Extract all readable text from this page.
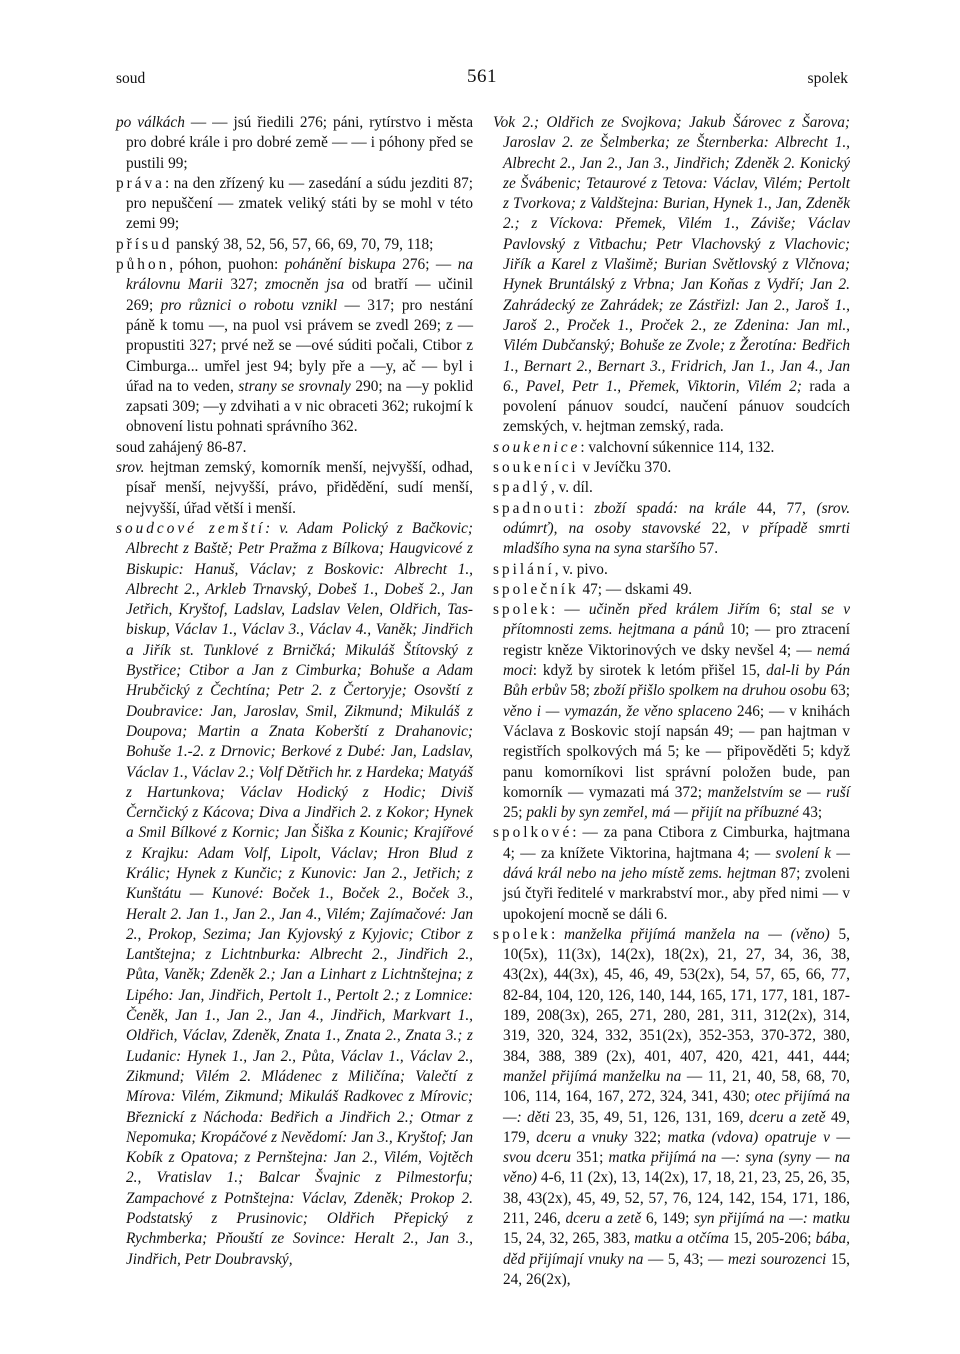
soud	561	spolek

po válkách — — jsú řiedili 276; páni, rytírstvo i města pro dobré krále i pro dobré země — — i póhony před se pustili 99;

práva: na den zřízený ku — zasedání a súdu jezditi 87; pro nepuščení — zmatek veliký státi by se mohl v této zemi 99;

přísud panský 38, 52, 56, 57, 66, 69, 70, 79, 118;

půhon, póhon, puohon: pohánění biskupa 276; — na královnu Marii 327; zmocněn jsa od bratří — učinil 269; pro různici o robotu vznikl — 317; pro nestání páně k tomu —, na puol vsi právem se zvedl 269; z — propustiti 327; prvé než se —ové súditi počali, Ctibor z Cimburga... umřel jest 94; byly pře a —y, ač — byl i úřad na to veden, strany se srovnaly 290; na —y poklid zapsati 309; —y zdvihati a v nic obraceti 362; rukojmí k obnovení listu pohnati správního 362.

soud zahájený 86-87.

srov. hejtman zemský, komorník menší, nejvyšší, odhad, písař menší, nejvyšší, právo, přidědění, sudí menší, nejvyšší, úřad větší i menší.

soudcové zemští: v. Adam Polický z Bačkovic; Albrecht z Baště; Petr Pražma z Bílkova; Haugvicové z Biskupic: Hanuš, Václav; z Boskovic: Albrecht 1., Albrecht 2., Arkleb Trnavský, Dobeš 1., Dobeš 2., Jan Jetřich, Kryštof, Ladslav, Ladslav Velen, Oldřich, Tas-biskup, Václav 1., Václav 3., Václav 4., Vaněk; Jindřich a Jiřík st. Tunklové z Brničká; Mikuláš Štítovský z Bystřice; Ctibor a Jan z Cimburka; Bohuše a Adam Hrubčický z Čechtína; Petr 2. z Čertoryje; Osovští z Doubravice: Jan, Jaroslav, Smil, Zikmund; Mikuláš z Doupova; Martin a Znata Koberští z Drahanovic; Bohuše 1.-2. z Drnovic; Berkové z Dubé: Jan, Ladslav, Václav 1., Václav 2.; Volf Dětřich hr. z Hardeka; Matyáš z Hartunkova; Václav Hodický z Hodic; Diviš Černčický z Kácova; Diva a Jindřich 2. z Kokor; Hynek a Smil Bílkové z Kornic; Jan Šiška z Kounic; Krajířové z Krajku: Adam Volf, Lipolt, Václav; Hron Blud z Králic; Hynek z Kunčic; z Kunovic: Jan 2., Jetřich; z Kunštátu — Kunové: Boček 1., Boček 2., Boček 3., Heralt 2. Jan 1., Jan 2., Jan 4., Vilém; Zajímačové: Jan 2., Prokop, Sezima; Jan Kyjovský z Kyjovic; Ctibor z Lantštejna; z Lichtnburka: Albrecht 2., Jindřich 2., Půta, Vaněk; Zdeněk 2.; Jan a Linhart z Lichtnštejna; z Lipého: Jan, Jindřich, Pertolt 1., Pertolt 2.; z Lomnice: Čeněk, Jan 1., Jan 2., Jan 4., Jindřich, Markvart 1., Oldřich, Václav, Zdeněk, Znata 1., Znata 2., Znata 3.; z Ludanic: Hynek 1., Jan 2., Půta, Václav 1., Václav 2., Zikmund; Vilém 2. Mládenec z Miličína; Valečtí z Mírova: Vilém, Zikmund; Mikuláš Radkovec z Mírovic; Březnickí z Náchoda: Bedřich a Jindřich 2.; Otmar z Nepomuka; Kropáčové z Nevědomí: Jan 3., Kryštof; Jan Kobík z Opatova; z Pernštejna: Jan 2., Vilém, Vojtěch 2., Vratislav 1.; Balcar Švajnic z Pilmestorfu; Zampachové z Potnštejna: Václav, Zdeněk; Prokop 2. Podstatský z Prusinovic; Oldřich Přepický z Rychmberka; Pňouští ze Sovince: Heralt 2., Jan 3., Jindřich, Petr Doubravský,

Vok 2.; Oldřich ze Svojkova; Jakub Šárovec z Šarova; Jaroslav 2. ze Šelmberka; ze Šternberka: Albrecht 1., Albrecht 2., Jan 2., Jan 3., Jindřich; Zdeněk 2. Konický ze Švábenic; Tetaurové z Tetova: Václav, Vilém; Pertolt z Tvorkova; z Valdštejna: Burian, Hynek 1., Jan, Zdeněk 2.; z Víckova: Přemek, Vilém 1., Záviše; Václav Pavlovský z Vitbachu; Petr Vlachovský z Vlachovic; Jiřík a Karel z Vlašimě; Burian Světlovský z Vlčnova; Hynek Bruntálský z Vrbna; Jan Koňas z Vydří; Jan 2. Zahrádecký ze Zahrádek; ze Zástřizl: Jan 2., Jaroš 1., Jaroš 2., Proček 1., Proček 2., ze Zdenina: Jan ml., Vilém Dubčanský; Bohuše ze Zvole; z Žerotína: Bedřich 1., Bernart 2., Bernart 3., Fridrich, Jan 1., Jan 4., Jan 6., Pavel, Petr 1., Přemek, Viktorin, Vilém 2; rada a povolení pánuov soudcí, naučení pánuov soudcích zemských, v. hejtman zemský, rada.

soukenice: valchovní súkennice 114, 132.

soukeníci v Jevíčku 370.

spadlý, v. díl.

spadnouti: zboží spadá: na krále 44, 77, (srov. odúmrť), na osoby stavovské 22, v případě smrti mladšího syna na syna staršího 57.

spilání, v. pivo.

společník 47; — dskami 49.

spolek: — učiněn před králem Jiřím 6; stal se v přítomnosti zems. hejtmana a pánů 10; — pro ztracení registr kněze Viktorinových ve dsky nevšel 4; — nemá moci: když by sirotek k letóm přišel 15, dal-li by Pán Bůh erbův 58; zboží přišlo spolkem na druhou osobu 63; věno i — vymazán, že věno splaceno 246; — v knihách Václava z Boskovic stojí napsán 49; — pan hajtman v registřích spolkových má 5; ke — připověděti 5; když panu komorníkovi list správní položen bude, pan komorník — vymazati má 372; manželstvím se — ruší 25; pakli by syn zemřel, má — přijít na příbuzné 43;

spolkové: — za pana Ctibora z Cimburka, hajtmana 4; — za knížete Viktorina, hajtmana 4; — svolení k — dává král nebo na jeho místě zems. hejtman 87; zvoleni jsú čtyři ředitelé v markrabství mor., aby před nimi — v upokojení mocně se dáli 6.

spolek: manželka přijímá manžela na — (věno) 5, 10(5x), 11(3x), 14(2x), 18(2x), 21, 27, 34, 36, 38, 43(2x), 44(3x), 45, 46, 49, 53(2x), 54, 57, 65, 66, 77, 82-84, 104, 120, 126, 140, 144, 165, 171, 177, 181, 187-189, 208(3x), 265, 271, 280, 281, 311, 312(2x), 314, 319, 320, 324, 332, 351(2x), 352-353, 370-372, 380, 384, 388, 389 (2x), 401, 407, 420, 421, 441, 444; manžel přijímá manželku na — 11, 21, 40, 58, 68, 70, 106, 114, 164, 167, 272, 324, 341, 430; otec přijímá na —: děti 23, 35, 49, 51, 126, 131, 169, dceru a zetě 49, 179, dceru a vnuky 322; matka (vdova) opatruje v — svou dceru 351; matka přijímá na —: syna (syny — na věno) 4-6, 11 (2x), 13, 14(2x), 17, 18, 21, 23, 25, 26, 35, 38, 43(2x), 45, 49, 52, 57, 76, 124, 142, 154, 171, 186, 211, 246, dceru a zetě 6, 149; syn přijímá na —: matku 15, 24, 32, 265, 383, matku a otčíma 15, 205-206; bába, děd přijímají vnuky na — 5, 43; — mezi sourozenci 15, 24, 26(2x),
